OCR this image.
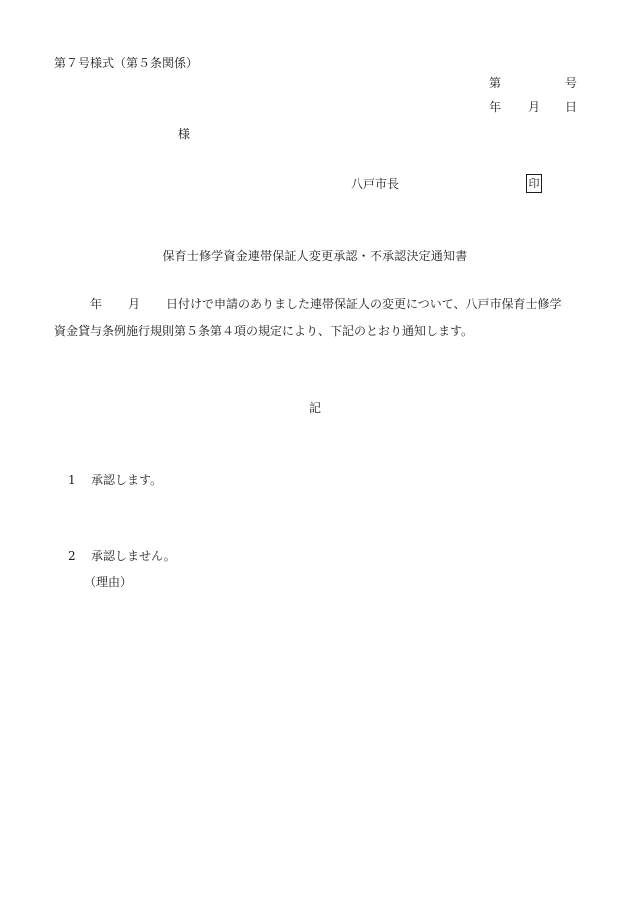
第７号様式（第５条関係）
第	号
年 月 日
様
八戸市長	印
保育士修学資金連帯保証人変更承認・不承認決定通知書
年 月 日付けで申請のありました連帯保証人の変更について、八戸市保育士修学
資金貸与条例施行規則第５条第４項の規定により、下記のとおり通知します。
記
1 承認します。
2 承認しません。
（理由）
